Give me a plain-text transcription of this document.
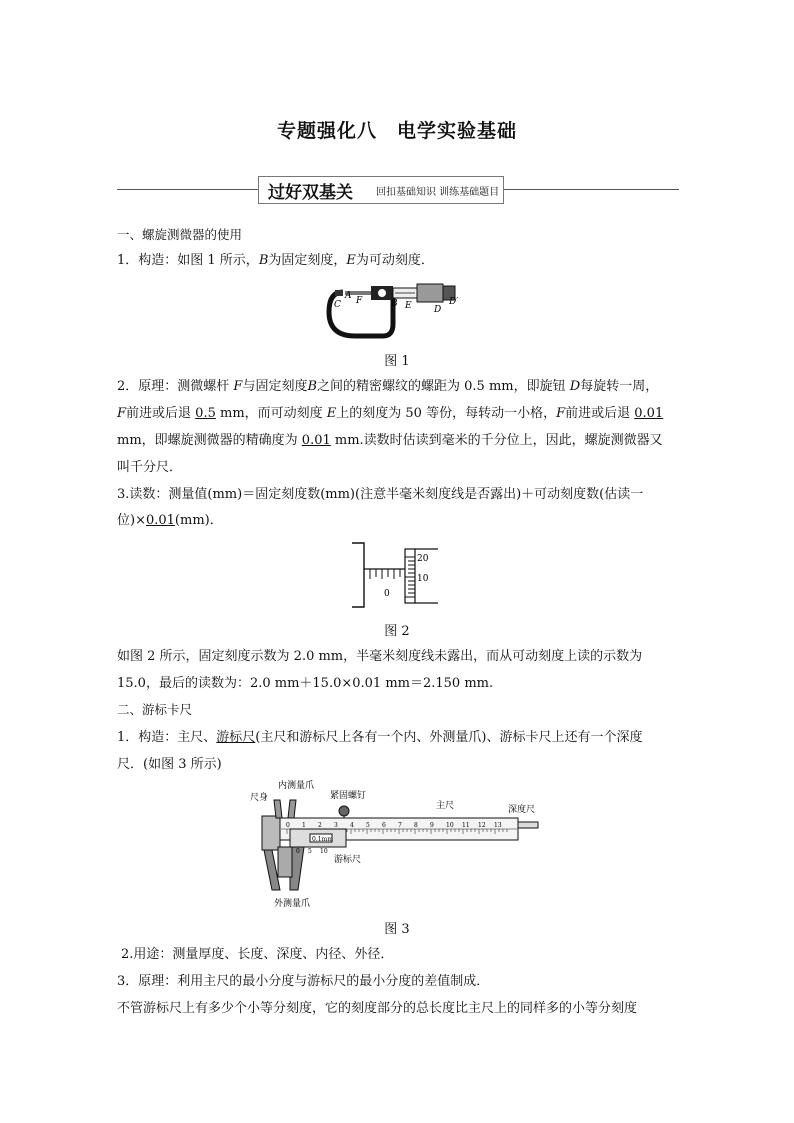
专题强化八　电学实验基础
过好双基关 回扣基础知识 训练基础题目
一、螺旋测微器的使用
1．构造：如图 1 所示，B为固定刻度，E为可动刻度．
C
A F	B E D
D′
图 1
2．原理：测微螺杆 F与固定刻度B之间的精密螺纹的螺距为 0.5 mm，即旋钮 D每旋转一周，
F前进或后退 0.5 mm，而可动刻度 E上的刻度为 50 等份，每转动一小格，F前进或后退 0.01
mm，即螺旋测微器的精确度为 0.01 mm.读数时估读到毫米的千分位上，因此，螺旋测微器又
叫千分尺．
3.读数：测量值(mm)＝固定刻度数(mm)(注意半毫米刻度线是否露出)＋可动刻度数(估读一
位)×0.01(mm)．
0
20
10
图 2
如图 2 所示，固定刻度示数为 2.0 mm，半毫米刻度线未露出，而从可动刻度上读的示数为
15.0，最后的读数为：2.0 mm＋15.0×0.01 mm＝2.150 mm.
二、游标卡尺
1．构造：主尺、游标尺(主尺和游标尺上各有一个内、外测量爪)、游标卡尺上还有一个深度
尺．(如图 3 所示)
0 1 2 3 4 5 6 7 8 9 10 11 12 13
0 5 10
尺身
内测量爪
紧固螺钉
主尺	深度尺
游标尺
0.1mm
外测量爪
图 3
2.用途：测量厚度、长度、深度、内径、外径．
3．原理：利用主尺的最小分度与游标尺的最小分度的差值制成．
不管游标尺上有多少个小等分刻度，它的刻度部分的总长度比主尺上的同样多的小等分刻度
